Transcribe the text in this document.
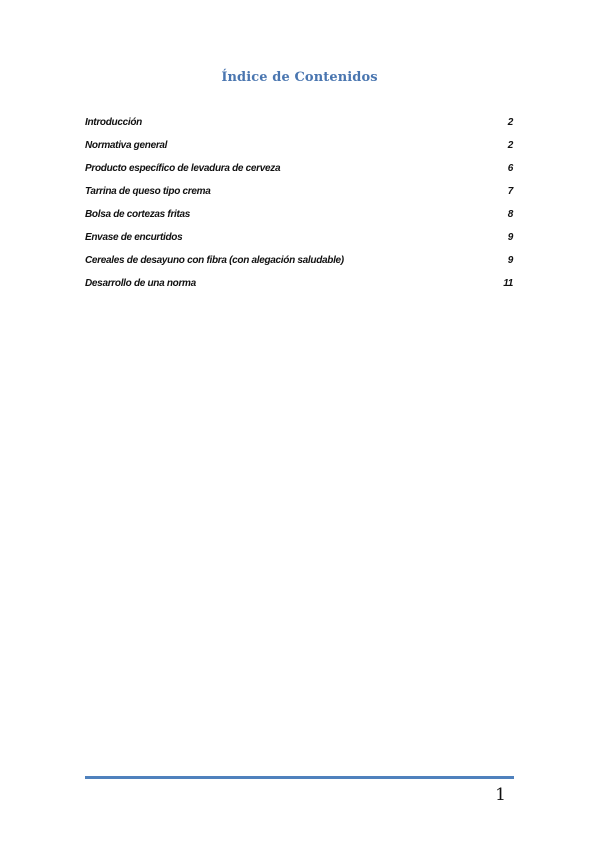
Índice de Contenidos
Introducción	2
Normativa general	2
Producto específico de levadura de cerveza	6
Tarrina de queso tipo crema	7
Bolsa de cortezas fritas	8
Envase de encurtidos	9
Cereales de desayuno con fibra (con alegación saludable)	9
Desarrollo de una norma	11
1
